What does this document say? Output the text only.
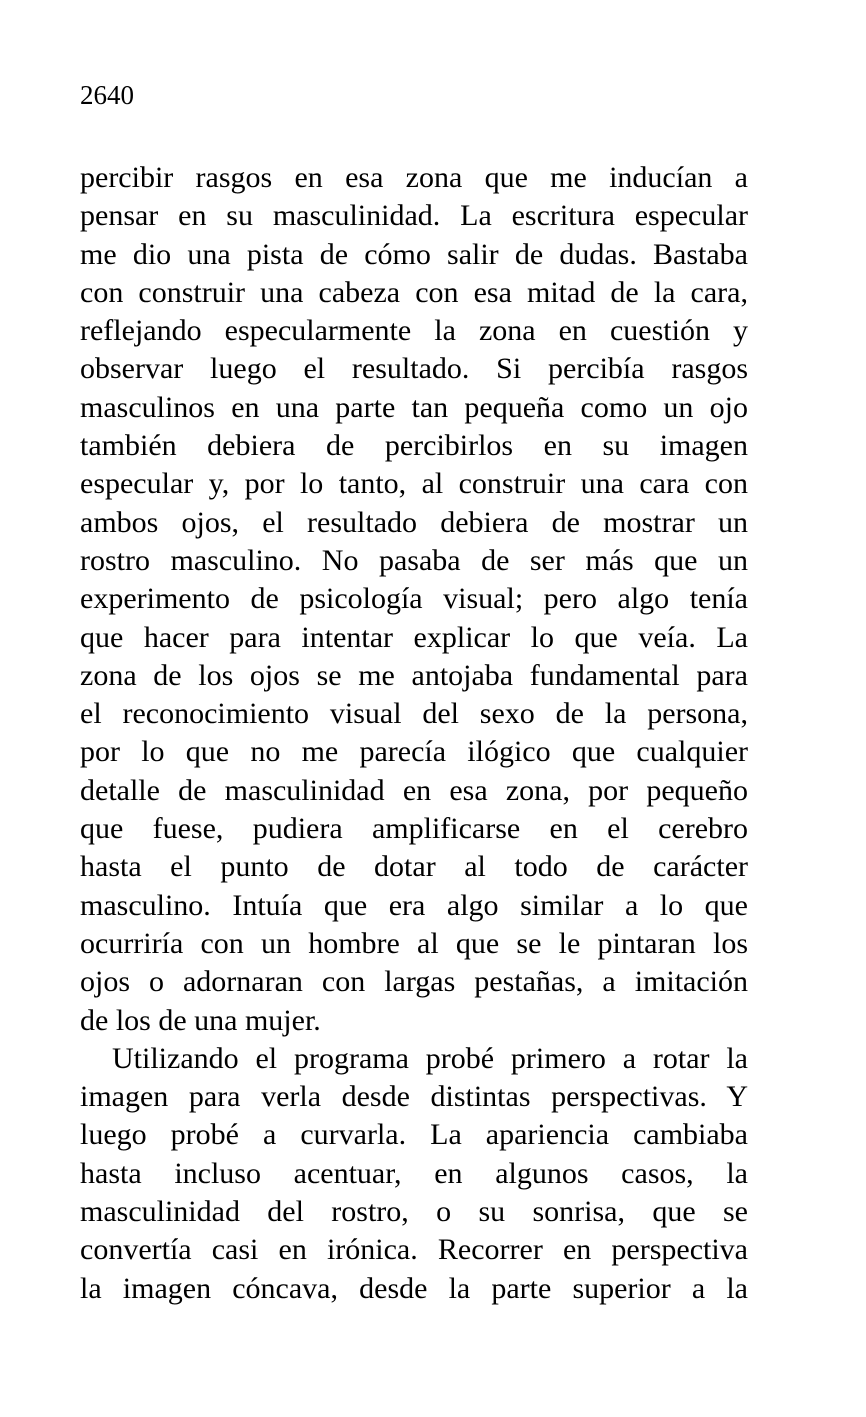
2640
percibir rasgos en esa zona que me inducían a
pensar en su masculinidad. La escritura especular
me dio una pista de cómo salir de dudas. Bastaba
con construir una cabeza con esa mitad de la cara,
reflejando especularmente la zona en cuestión y
observar luego el resultado. Si percibía rasgos
masculinos en una parte tan pequeña como un ojo
también debiera de percibirlos en su imagen
especular y, por lo tanto, al construir una cara con
ambos ojos, el resultado debiera de mostrar un
rostro masculino. No pasaba de ser más que un
experimento de psicología visual; pero algo tenía
que hacer para intentar explicar lo que veía. La
zona de los ojos se me antojaba fundamental para
el reconocimiento visual del sexo de la persona,
por lo que no me parecía ilógico que cualquier
detalle de masculinidad en esa zona, por pequeño
que fuese, pudiera amplificarse en el cerebro
hasta el punto de dotar al todo de carácter
masculino. Intuía que era algo similar a lo que
ocurriría con un hombre al que se le pintaran los
ojos o adornaran con largas pestañas, a imitación
de los de una mujer.
Utilizando el programa probé primero a rotar la
imagen para verla desde distintas perspectivas. Y
luego probé a curvarla. La apariencia cambiaba
hasta incluso acentuar, en algunos casos, la
masculinidad del rostro, o su sonrisa, que se
convertía casi en irónica. Recorrer en perspectiva
la imagen cóncava, desde la parte superior a la
